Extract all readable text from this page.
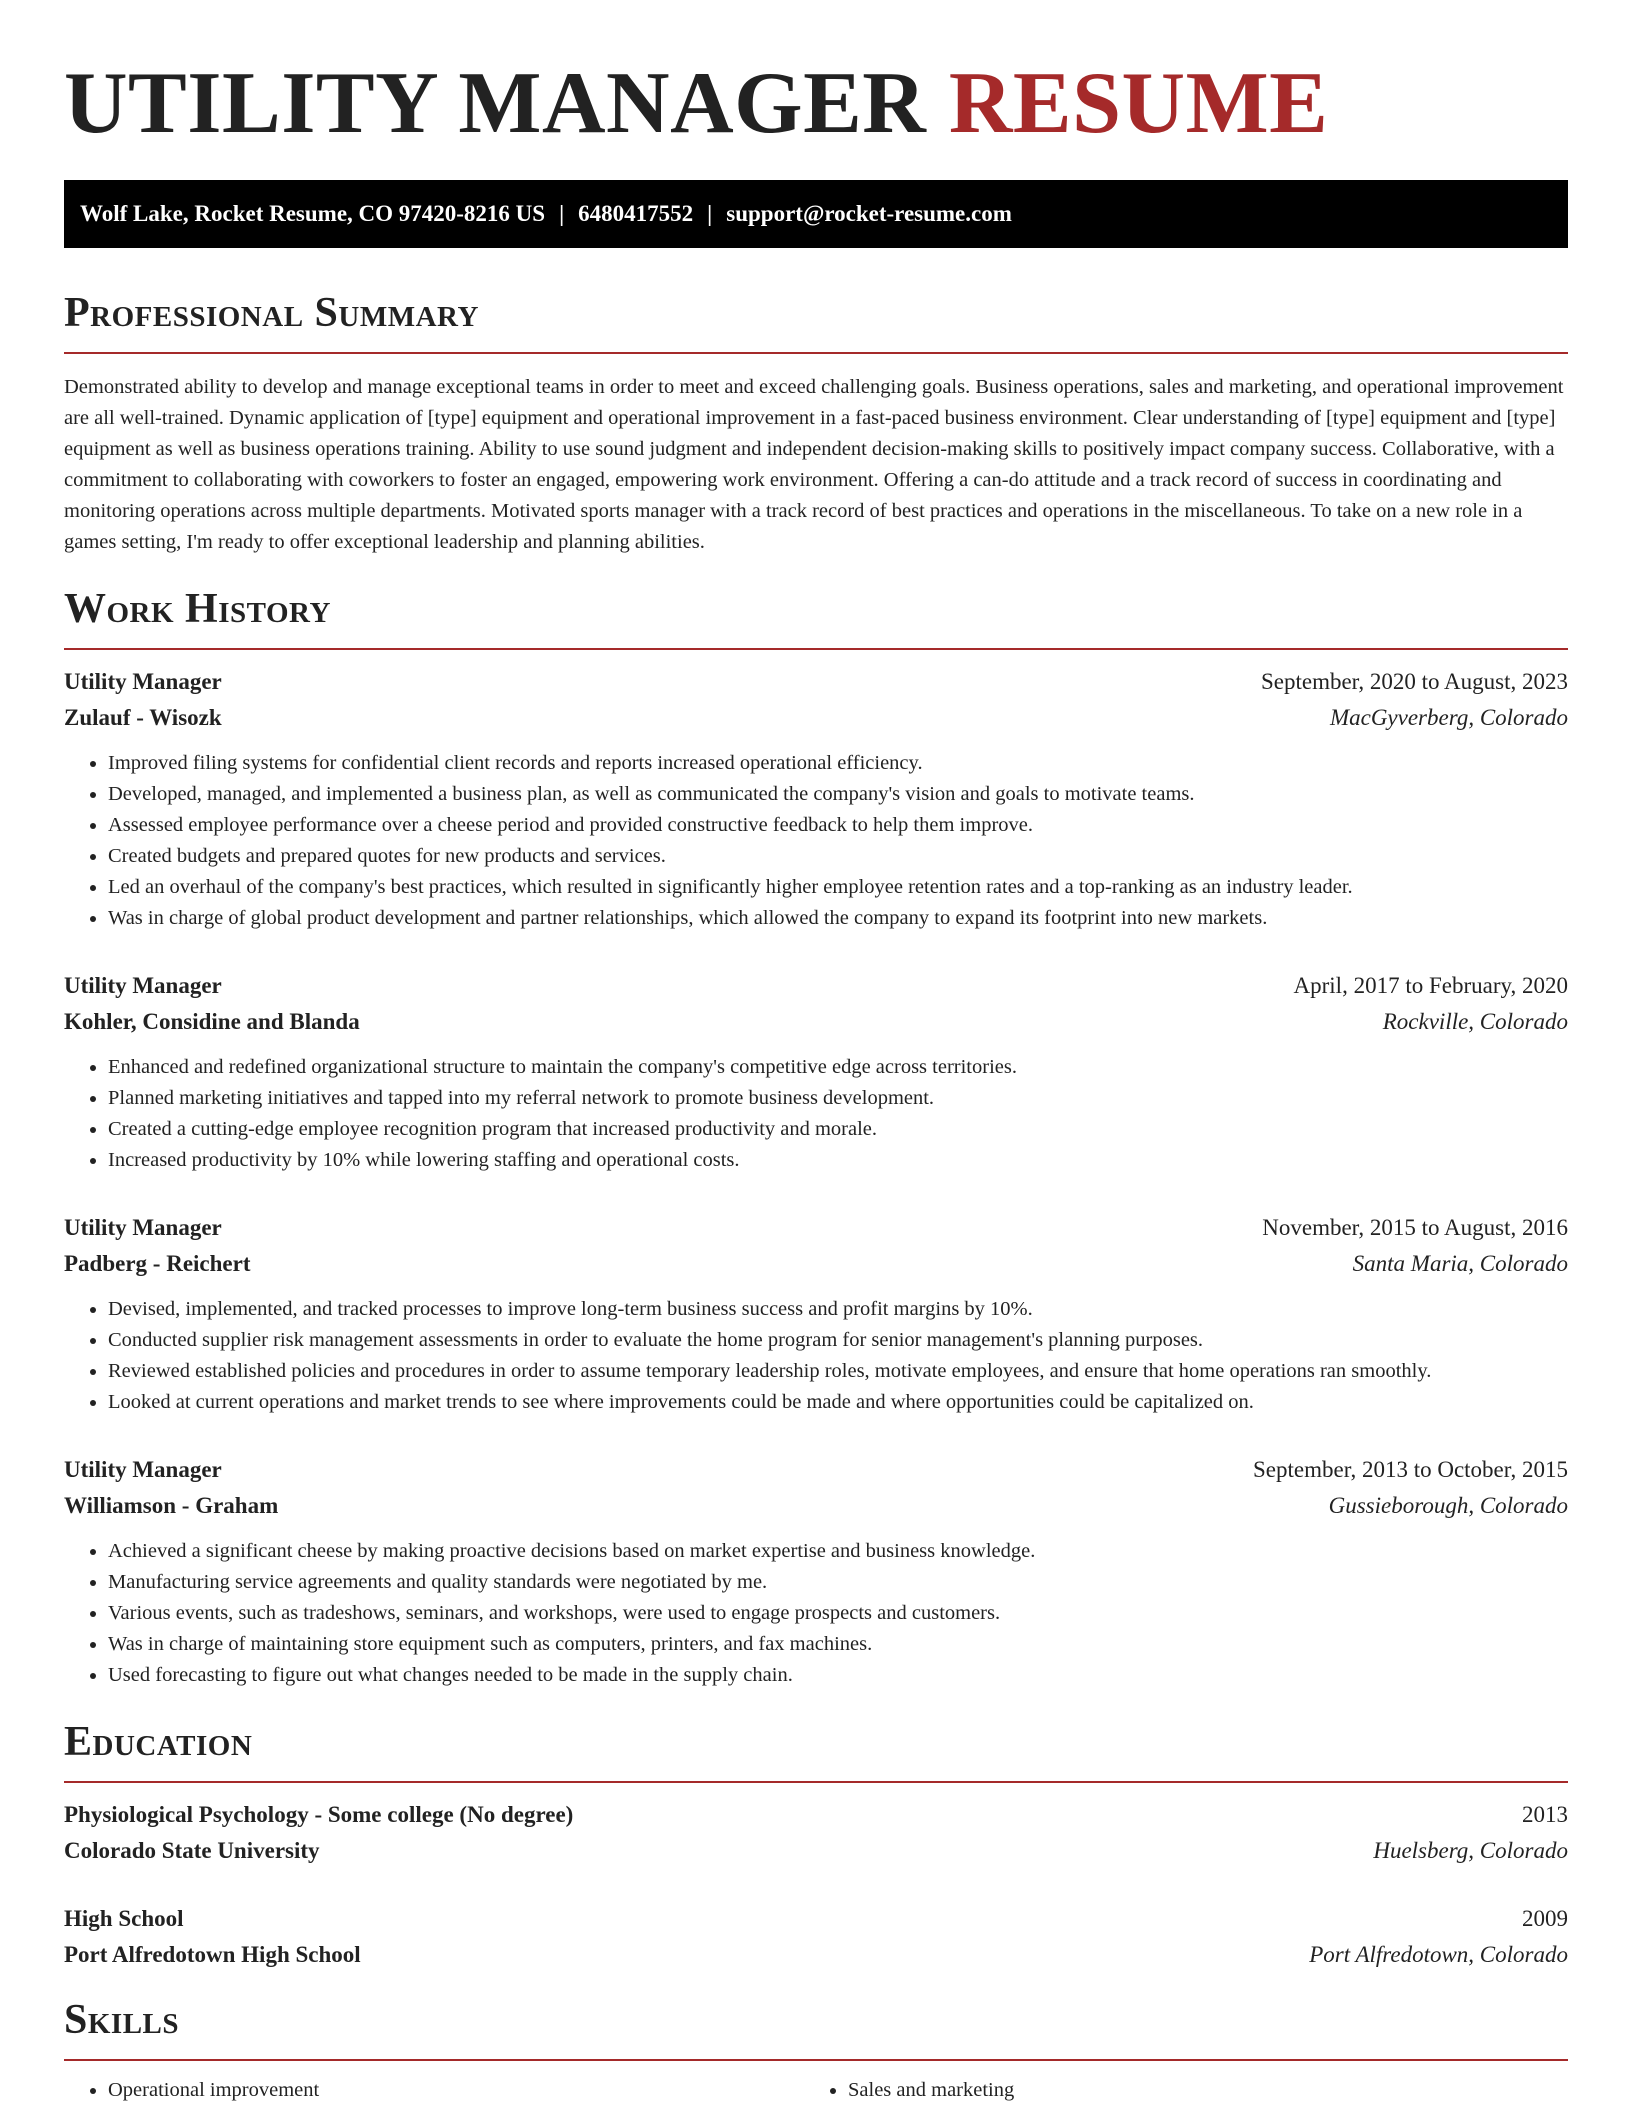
UTILITY MANAGER RESUME
Wolf Lake, Rocket Resume, CO 97420-8216 US | 6480417552 | support@rocket-resume.com
Professional Summary

Demonstrated ability to develop and manage exceptional teams in order to meet and exceed challenging goals. Business operations, sales and marketing, and operational improvement are all well-trained. Dynamic application of [type] equipment and operational improvement in a fast-paced business environment. Clear understanding of [type] equipment and [type] equipment as well as business operations training. Ability to use sound judgment and independent decision-making skills to positively impact company success. Collaborative, with a commitment to collaborating with coworkers to foster an engaged, empowering work environment. Offering a can-do attitude and a track record of success in coordinating and monitoring operations across multiple departments. Motivated sports manager with a track record of best practices and operations in the miscellaneous. To take on a new role in a games setting, I'm ready to offer exceptional leadership and planning abilities.

Work History
Utility Manager	September, 2020 to August, 2023
Zulauf - Wisozk	MacGyverberg, Colorado
• Improved filing systems for confidential client records and reports increased operational efficiency.
• Developed, managed, and implemented a business plan, as well as communicated the company's vision and goals to motivate teams.
• Assessed employee performance over a cheese period and provided constructive feedback to help them improve.
• Created budgets and prepared quotes for new products and services.
• Led an overhaul of the company's best practices, which resulted in significantly higher employee retention rates and a top-ranking as an industry leader.
• Was in charge of global product development and partner relationships, which allowed the company to expand its footprint into new markets.
Utility Manager	April, 2017 to February, 2020
Kohler, Considine and Blanda	Rockville, Colorado
• Enhanced and redefined organizational structure to maintain the company's competitive edge across territories.
• Planned marketing initiatives and tapped into my referral network to promote business development.
• Created a cutting-edge employee recognition program that increased productivity and morale.
• Increased productivity by 10% while lowering staffing and operational costs.
Utility Manager	November, 2015 to August, 2016
Padberg - Reichert	Santa Maria, Colorado
• Devised, implemented, and tracked processes to improve long-term business success and profit margins by 10%.
• Conducted supplier risk management assessments in order to evaluate the home program for senior management's planning purposes.
• Reviewed established policies and procedures in order to assume temporary leadership roles, motivate employees, and ensure that home operations ran smoothly.
• Looked at current operations and market trends to see where improvements could be made and where opportunities could be capitalized on.
Utility Manager	September, 2013 to October, 2015
Williamson - Graham	Gussieborough, Colorado
• Achieved a significant cheese by making proactive decisions based on market expertise and business knowledge.
• Manufacturing service agreements and quality standards were negotiated by me.
• Various events, such as tradeshows, seminars, and workshops, were used to engage prospects and customers.
• Was in charge of maintaining store equipment such as computers, printers, and fax machines.
• Used forecasting to figure out what changes needed to be made in the supply chain.
Education
Physiological Psychology - Some college (No degree)	2013
Colorado State University	Huelsberg, Colorado
High School	2009
Port Alfredotown High School	Port Alfredotown, Colorado
Skills
• Operational improvement
•	Sales and marketing
